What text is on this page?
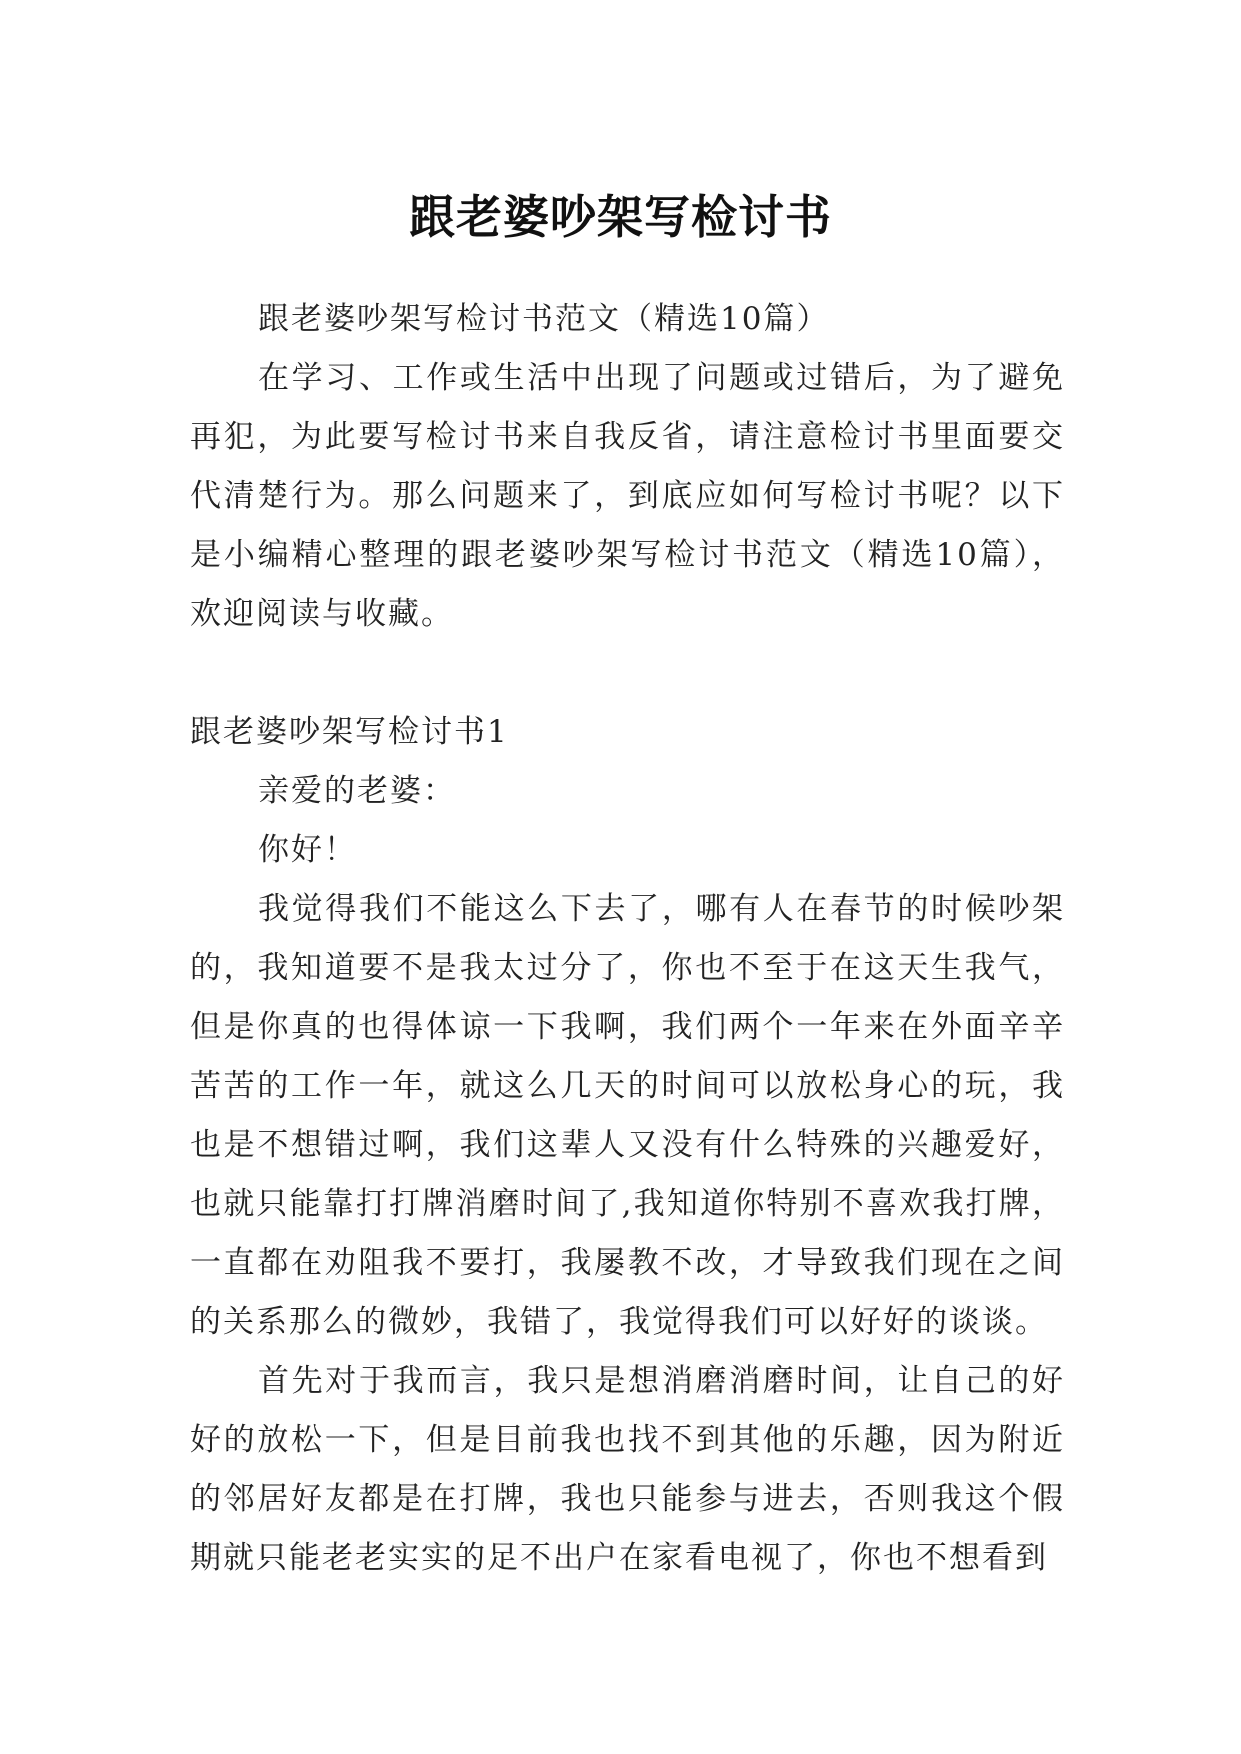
跟老婆吵架写检讨书

跟老婆吵架写检讨书范文（精选10篇）

在学习、工作或生活中出现了问题或过错后，为了避免再犯，为此要写检讨书来自我反省，请注意检讨书里面要交代清楚行为。那么问题来了，到底应如何写检讨书呢？以下是小编精心整理的跟老婆吵架写检讨书范文（精选10篇），欢迎阅读与收藏。

跟老婆吵架写检讨书1

亲爱的老婆：

你好！

我觉得我们不能这么下去了，哪有人在春节的时候吵架的，我知道要不是我太过分了，你也不至于在这天生我气，但是你真的也得体谅一下我啊，我们两个一年来在外面辛辛苦苦的工作一年，就这么几天的时间可以放松身心的玩，我也是不想错过啊，我们这辈人又没有什么特殊的兴趣爱好，也就只能靠打打牌消磨时间了,我知道你特别不喜欢我打牌，一直都在劝阻我不要打，我屡教不改，才导致我们现在之间的关系那么的微妙，我错了，我觉得我们可以好好的谈谈。

首先对于我而言，我只是想消磨消磨时间，让自己的好好的放松一下，但是目前我也找不到其他的乐趣，因为附近的邻居好友都是在打牌，我也只能参与进去，否则我这个假期就只能老老实实的足不出户在家看电视了，你也不想看到
